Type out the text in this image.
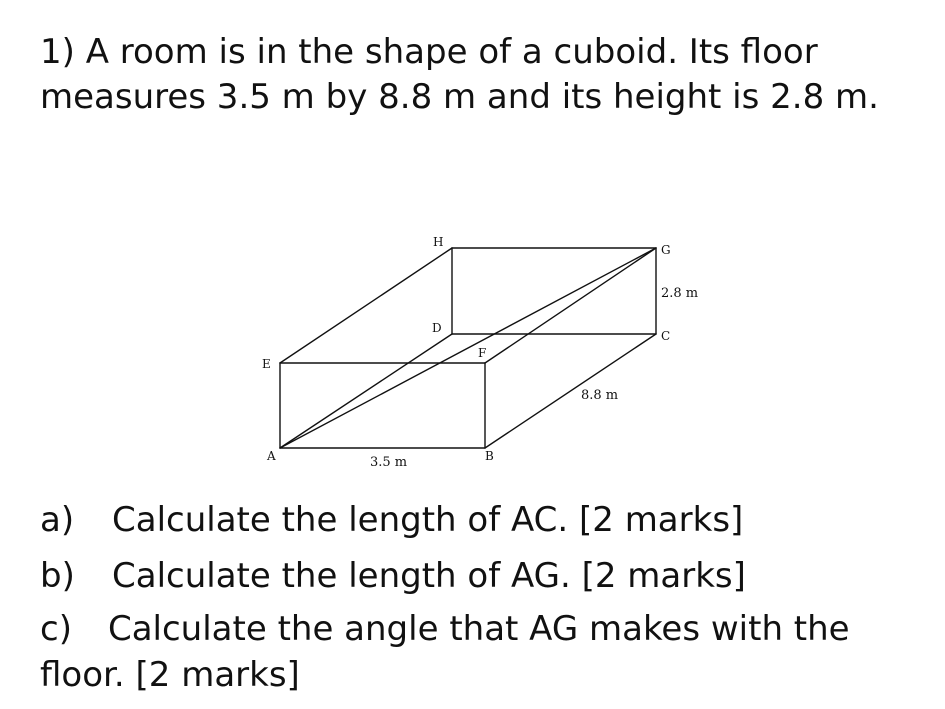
1) A room is in the shape of a cuboid. Its floor measures 3.5 m by 8.8 m and its height is 2.8 m.

H
G
D
C
F
E
A	B
2.8 m
8.8 m
3.5 m
a) Calculate the length of AC. [2 marks]
b) Calculate the length of AG. [2 marks]
c) Calculate the angle that AG makes with the floor. [2 marks]
